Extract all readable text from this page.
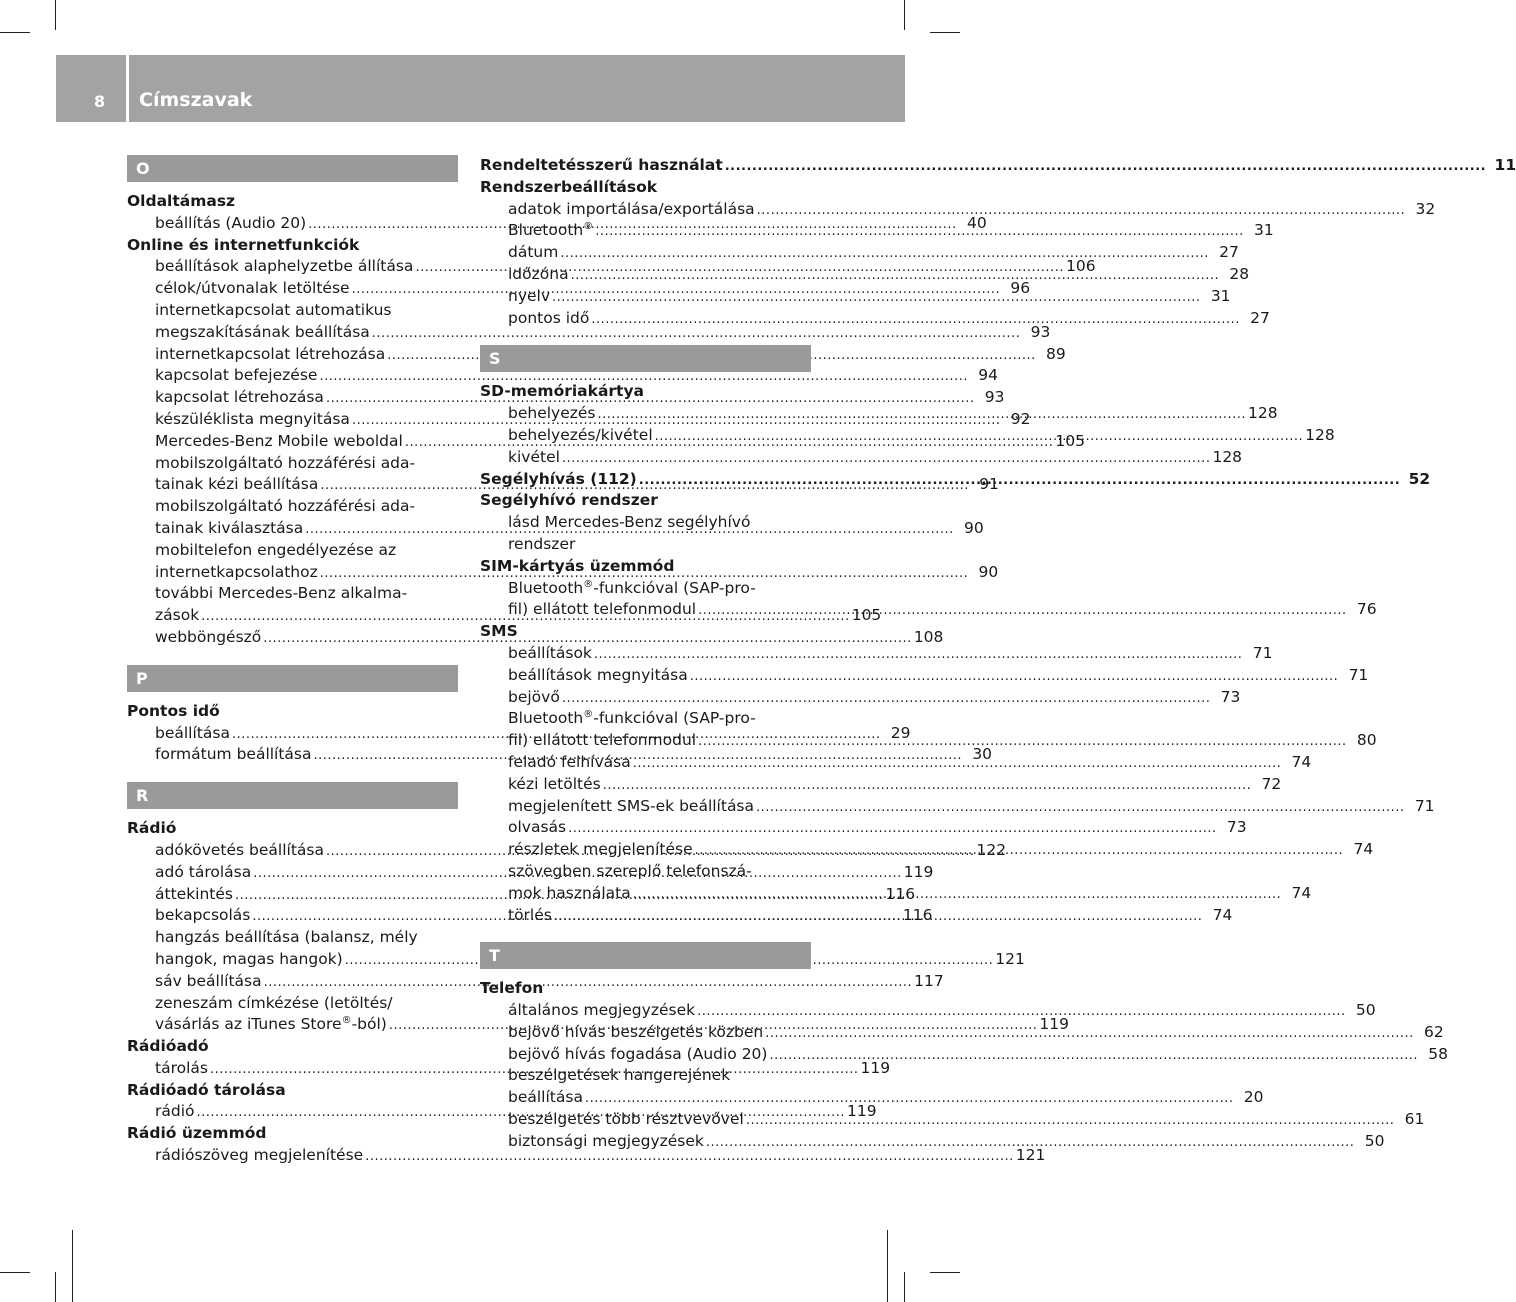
8 Címszavak
O
Oldaltámasz
beállítás (Audio 20) .....	40
Online és internetfunkciók
beállítások alaphelyzetbe állítása .....	106
célok/útvonalak letöltése .....	96
internetkapcsolat automatikus
megszakításának beállítása .....	93
internetkapcsolat létrehozása .....	89
kapcsolat befejezése .....	94
kapcsolat létrehozása .....	93
készüléklista megnyitása .....	92
Mercedes-Benz Mobile weboldal .....	105
mobilszolgáltató hozzáférési ada-
tainak kézi beállítása .....	91
mobilszolgáltató hozzáférési ada-
tainak kiválasztása .....	90
mobiltelefon engedélyezése az
internetkapcsolathoz .....	90
további Mercedes-Benz alkalma-
zások .....	105
webböngésző .....	108
P
Pontos idő
beállítása .....	29
formátum beállítása .....	30
R
Rádió
adókövetés beállítása .....	122
adó tárolása .....	119
áttekintés .....	116
bekapcsolás .....	116
hangzás beállítása (balansz, mély
hangok, magas hangok) .....	121
sáv beállítása .....	117
zeneszám címkézése (letöltés/
vásárlás az iTunes Store®-ból) .....	119
Rádióadó
tárolás .....	119
Rádióadó tárolása
rádió .....	119
Rádió üzemmód
rádiószöveg megjelenítése .....	121
Rendeltetésszerű használat .....	11
Rendszerbeállítások
adatok importálása/exportálása .....	32
Bluetooth® .....	31
dátum .....	27
időzóna .....	28
nyelv .....	31
pontos idő .....	27
S
SD-memóriakártya
behelyezés .....	128
behelyezés/kivétel .....	128
kivétel .....	128
Segélyhívás (112) .....	52
Segélyhívó rendszer
lásd Mercedes-Benz segélyhívó
rendszer
SIM-kártyás üzemmód
Bluetooth®-funkcióval (SAP-pro-
fil) ellátott telefonmodul .....	76
SMS
beállítások .....	71
beállítások megnyitása .....	71
bejövő .....	73
Bluetooth®-funkcióval (SAP-pro-
fil) ellátott telefonmodul .....	80
feladó felhívása .....	74
kézi letöltés .....	72
megjelenített SMS-ek beállítása .....	71
olvasás .....	73
részletek megjelenítése .....	74
szövegben szereplő telefonszá-
mok használata .....	74
törlés .....	74
T
Telefon
általános megjegyzések .....	50
bejövő hívás beszélgetés közben .....	62
bejövő hívás fogadása (Audio 20) .....	58
beszélgetések hangerejének
beállítása .....	20
beszélgetés több résztvevővel .....	61
biztonsági megjegyzések .....	50
